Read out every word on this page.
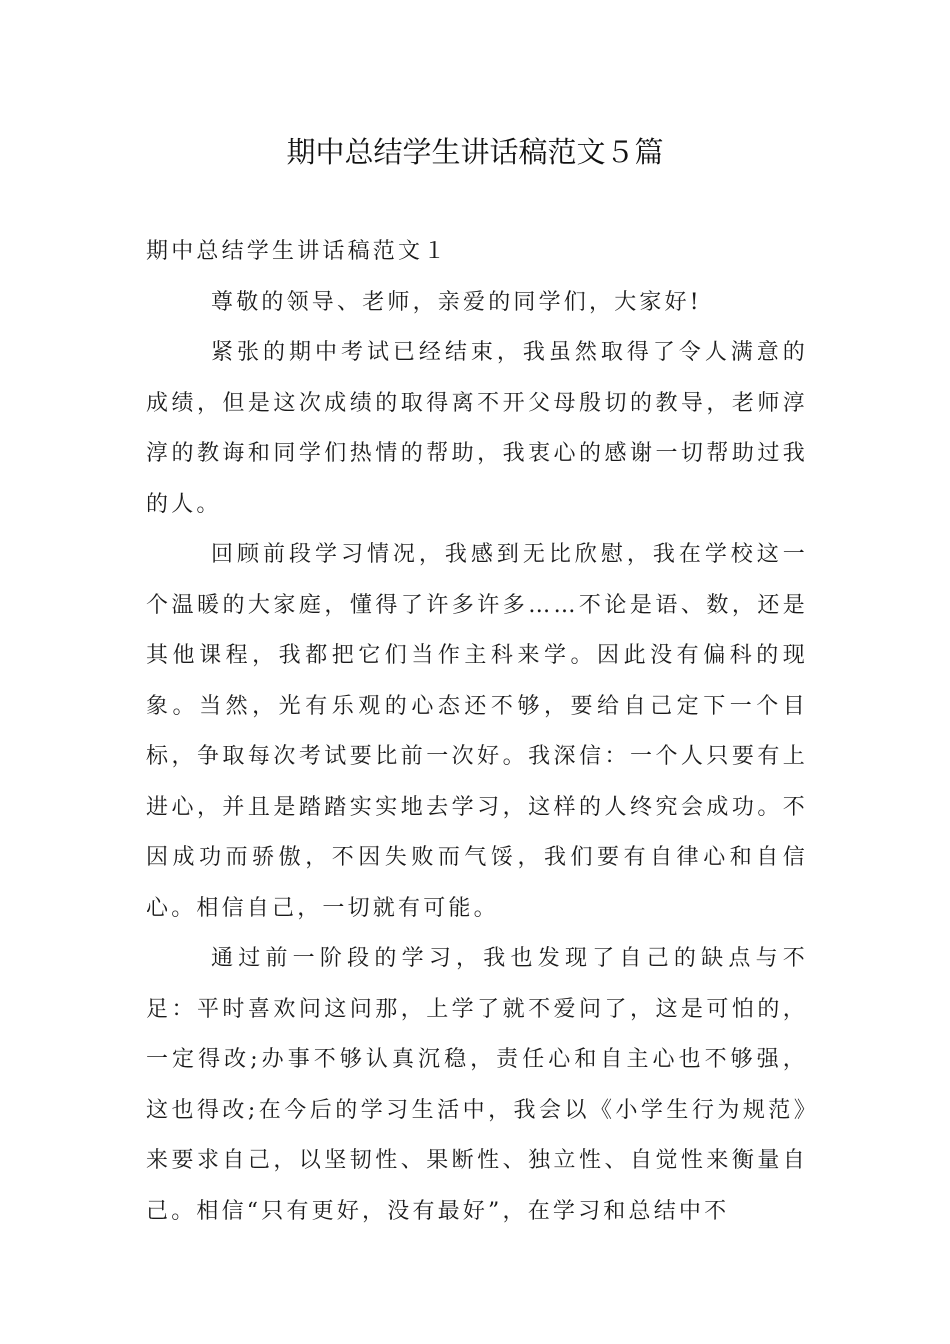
期中总结学生讲话稿范文５篇

期中总结学生讲话稿范文１

尊敬的领导、老师，亲爱的同学们，大家好!

紧张的期中考试已经结束，我虽然取得了令人满意的成绩，但是这次成绩的取得离不开父母殷切的教导，老师淳淳的教诲和同学们热情的帮助，我衷心的感谢一切帮助过我的人。

回顾前段学习情况，我感到无比欣慰，我在学校这一个温暖的大家庭，懂得了许多许多……不论是语、数，还是其他课程，我都把它们当作主科来学。因此没有偏科的现象。当然，光有乐观的心态还不够，要给自己定下一个目标，争取每次考试要比前一次好。我深信：一个人只要有上进心，并且是踏踏实实地去学习，这样的人终究会成功。不因成功而骄傲，不因失败而气馁，我们要有自律心和自信心。相信自己，一切就有可能。

通过前一阶段的学习，我也发现了自己的缺点与不足：平时喜欢问这问那，上学了就不爱问了，这是可怕的，一定得改;办事不够认真沉稳，责任心和自主心也不够强，这也得改;在今后的学习生活中，我会以《小学生行为规范》来要求自己，以坚韧性、果断性、独立性、自觉性来衡量自己。相信“只有更好，没有最好”，在学习和总结中不
